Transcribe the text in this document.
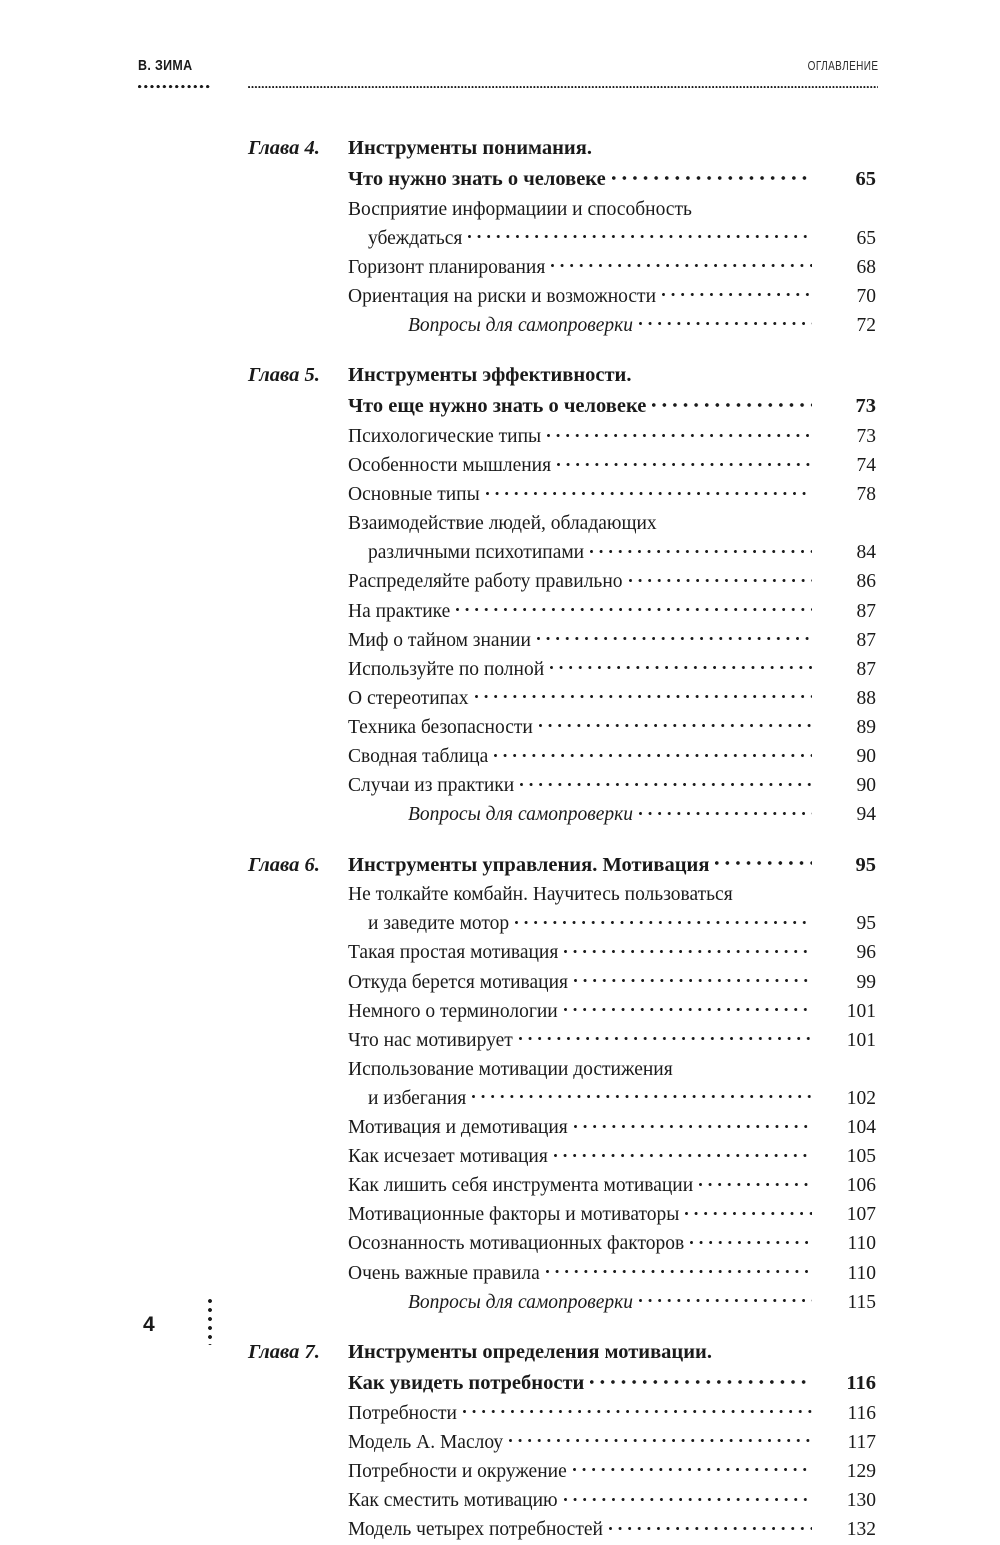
В. ЗИМА	ОГЛАВЛЕНИЕ
Глава 4.	Инструменты понимания.
Что нужно знать о человеке	65
Восприятие информациии и способность
убеждаться	65
Горизонт планирования	68
Ориентация на риски и возможности	70
Вопросы для самопроверки	72
Глава 5.	Инструменты эффективности.
Что еще нужно знать о человеке	73
Психологические типы	73
Особенности мышления	74
Основные типы	78
Взаимодействие людей, обладающих
различными психотипами	84
Распределяйте работу правильно	86
На практике	87
Миф о тайном знании	87
Используйте по полной	87
О стереотипах	88
Техника безопасности	89
Сводная таблица	90
Случаи из практики	90
Вопросы для самопроверки	94
Глава 6.	Инструменты управления. Мотивация	95
Не толкайте комбайн. Научитесь пользоваться
и заведите мотор	95
Такая простая мотивация	96
Откуда берется мотивация	99
Немного о терминологии	101
Что нас мотивирует	101
Использование мотивации достижения
и избегания	102
Мотивация и демотивация	104
Как исчезает мотивация	105
Как лишить себя инструмента мотивации	106
Мотивационные факторы и мотиваторы	107
Осознанность мотивационных факторов	110
Очень важные правила	110
Вопросы для самопроверки	115
Глава 7.	Инструменты определения мотивации.
Как увидеть потребности	116
Потребности	116
Модель А. Маслоу	117
Потребности и окружение	129
Как сместить мотивацию	130
Модель четырех потребностей	132
4
